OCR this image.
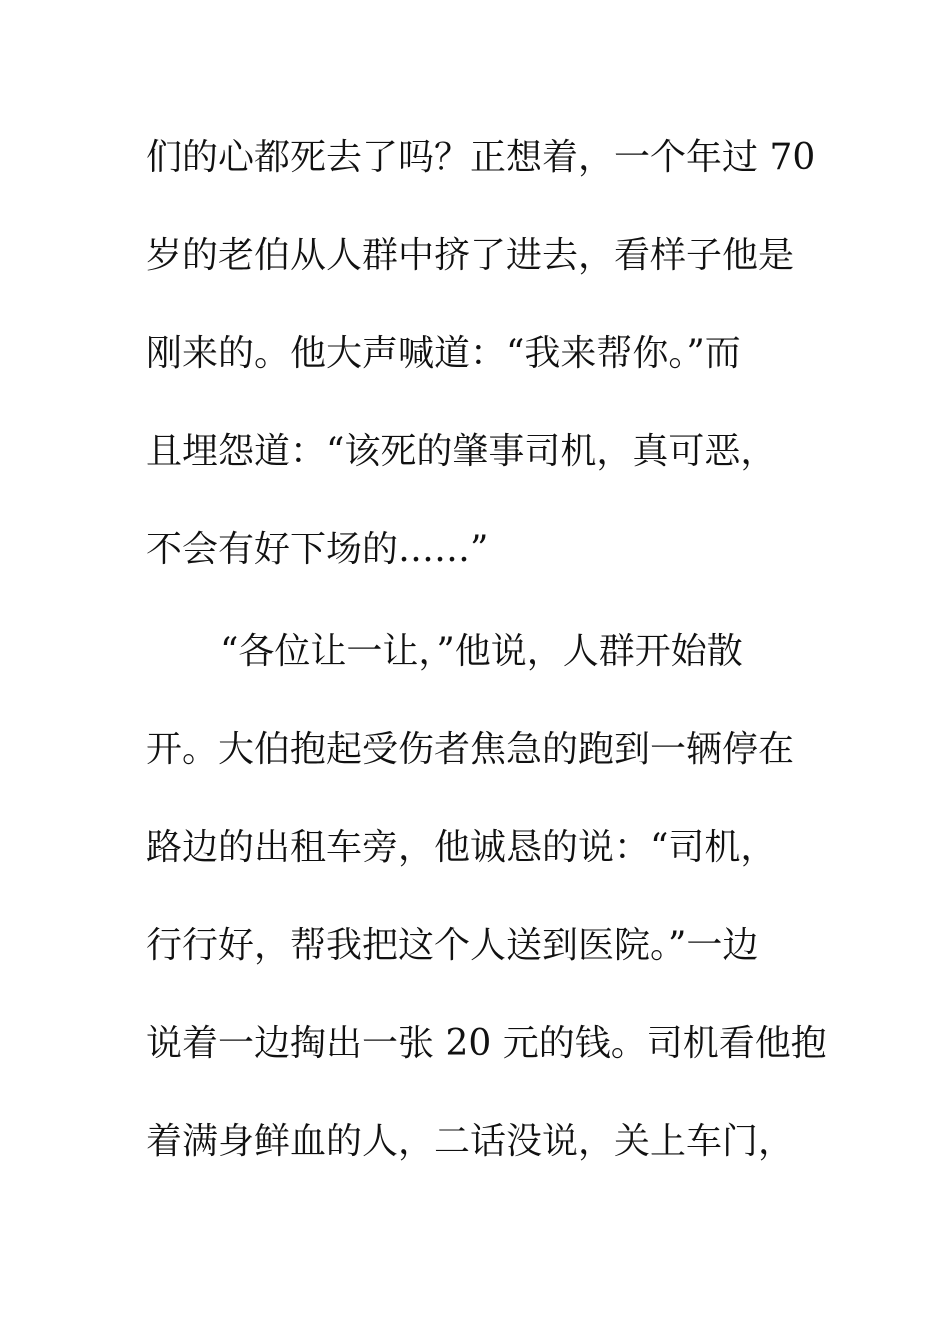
们的心都死去了吗？正想着，一个年过 70
岁的老伯从人群中挤了进去，看样子他是
刚来的。他大声喊道：“我来帮你。”而
且埋怨道：“该死的肇事司机，真可恶，
不会有好下场的……”
“各位让一让，”他说，人群开始散
开。大伯抱起受伤者焦急的跑到一辆停在
路边的出租车旁，他诚恳的说：“司机，
行行好，帮我把这个人送到医院。”一边
说着一边掏出一张 20 元的钱。司机看他抱
着满身鲜血的人，二话没说，关上车门，
